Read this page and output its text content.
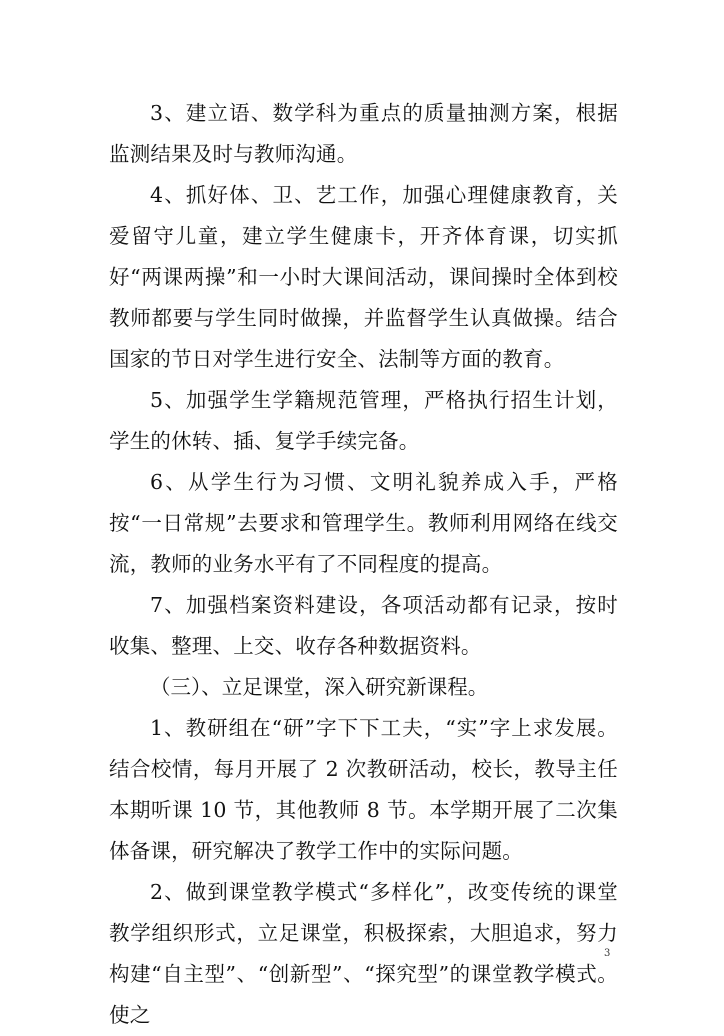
3、建立语、数学科为重点的质量抽测方案，根据监测结果及时与教师沟通。

4、抓好体、卫、艺工作，加强心理健康教育，关爱留守儿童，建立学生健康卡，开齐体育课，切实抓好“两课两操”和一小时大课间活动，课间操时全体到校教师都要与学生同时做操，并监督学生认真做操。结合国家的节日对学生进行安全、法制等方面的教育。

5、加强学生学籍规范管理，严格执行招生计划，学生的休转、插、复学手续完备。

6、从学生行为习惯、文明礼貌养成入手，严格按“一日常规”去要求和管理学生。教师利用网络在线交流，教师的业务水平有了不同程度的提高。

7、加强档案资料建设，各项活动都有记录，按时收集、整理、上交、收存各种数据资料。

（三）、立足课堂，深入研究新课程。

1、教研组在“研”字下下工夫，“实”字上求发展。结合校情，每月开展了 2 次教研活动，校长，教导主任本期听课 10 节，其他教师 8 节。本学期开展了二次集体备课，研究解决了教学工作中的实际问题。

2、做到课堂教学模式“多样化”，改变传统的课堂教学组织形式，立足课堂，积极探索，大胆追求，努力构建“自主型”、“创新型”、“探究型”的课堂教学模式。使之

3
